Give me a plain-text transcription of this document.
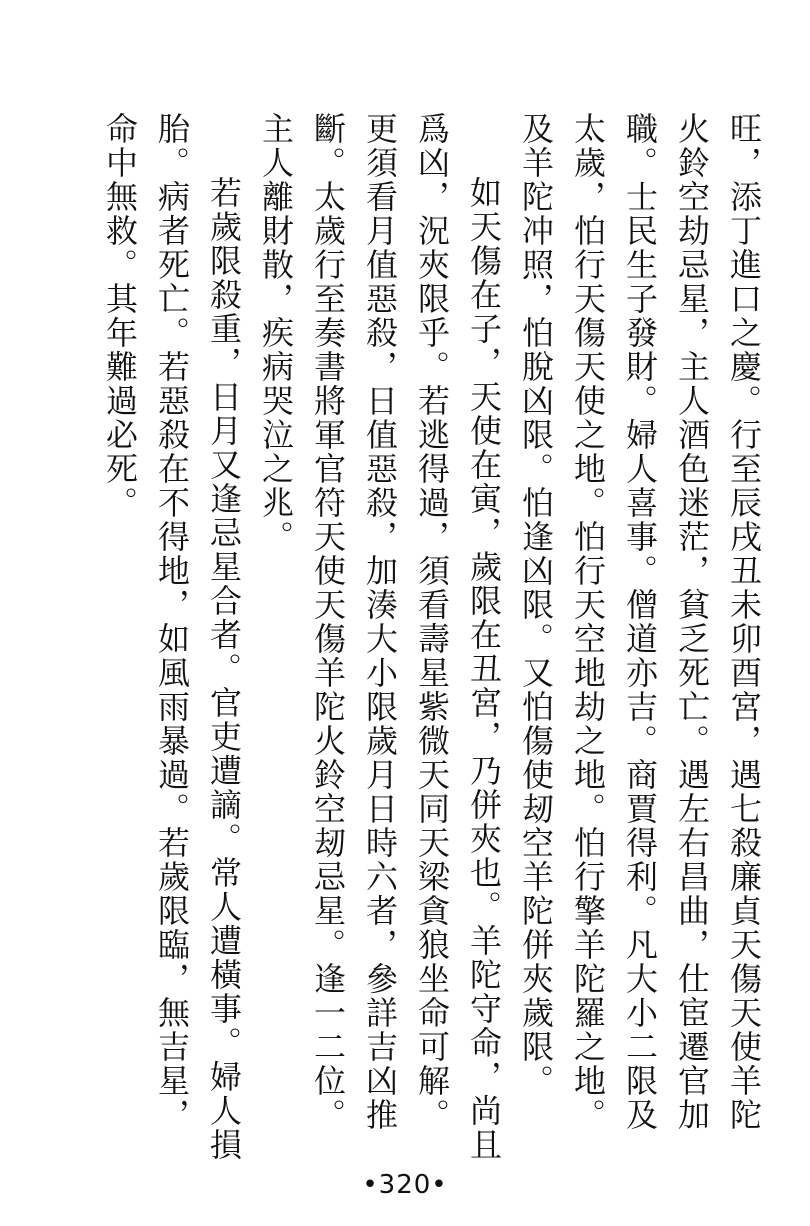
旺，添丁進口之慶。行至辰戌丑未卯酉宮，遇七殺廉貞天傷天使羊陀火鈴空劫忌星，主人酒色迷茫，貧乏死亡。遇左右昌曲，仕宦遷官加職。士民生子發財。婦人喜事。僧道亦吉。商賈得利。凡大小二限及太歲，怕行天傷天使之地。怕行天空地劫之地。怕行擎羊陀羅之地。及羊陀冲照，怕脫凶限。怕逢凶限。又怕傷使刼空羊陀併夾歲限。

如天傷在子，天使在寅，歲限在丑宮，乃併夾也。羊陀守命，尚且爲凶，況夾限乎。若逃得過，須看壽星紫微天同天梁貪狼坐命可解。更須看月值惡殺，日值惡殺，加湊大小限歲月日時六者，參詳吉凶推斷。太歲行至奏書將軍官符天使天傷羊陀火鈴空刼忌星。逢一二位。主人離財散，疾病哭泣之兆。

若歲限殺重，日月又逢忌星合者。官吏遭謫。常人遭橫事。婦人損胎。病者死亡。若惡殺在不得地，如風雨暴過。若歲限臨，無吉星，命中無救。其年難過必死。

•320•
